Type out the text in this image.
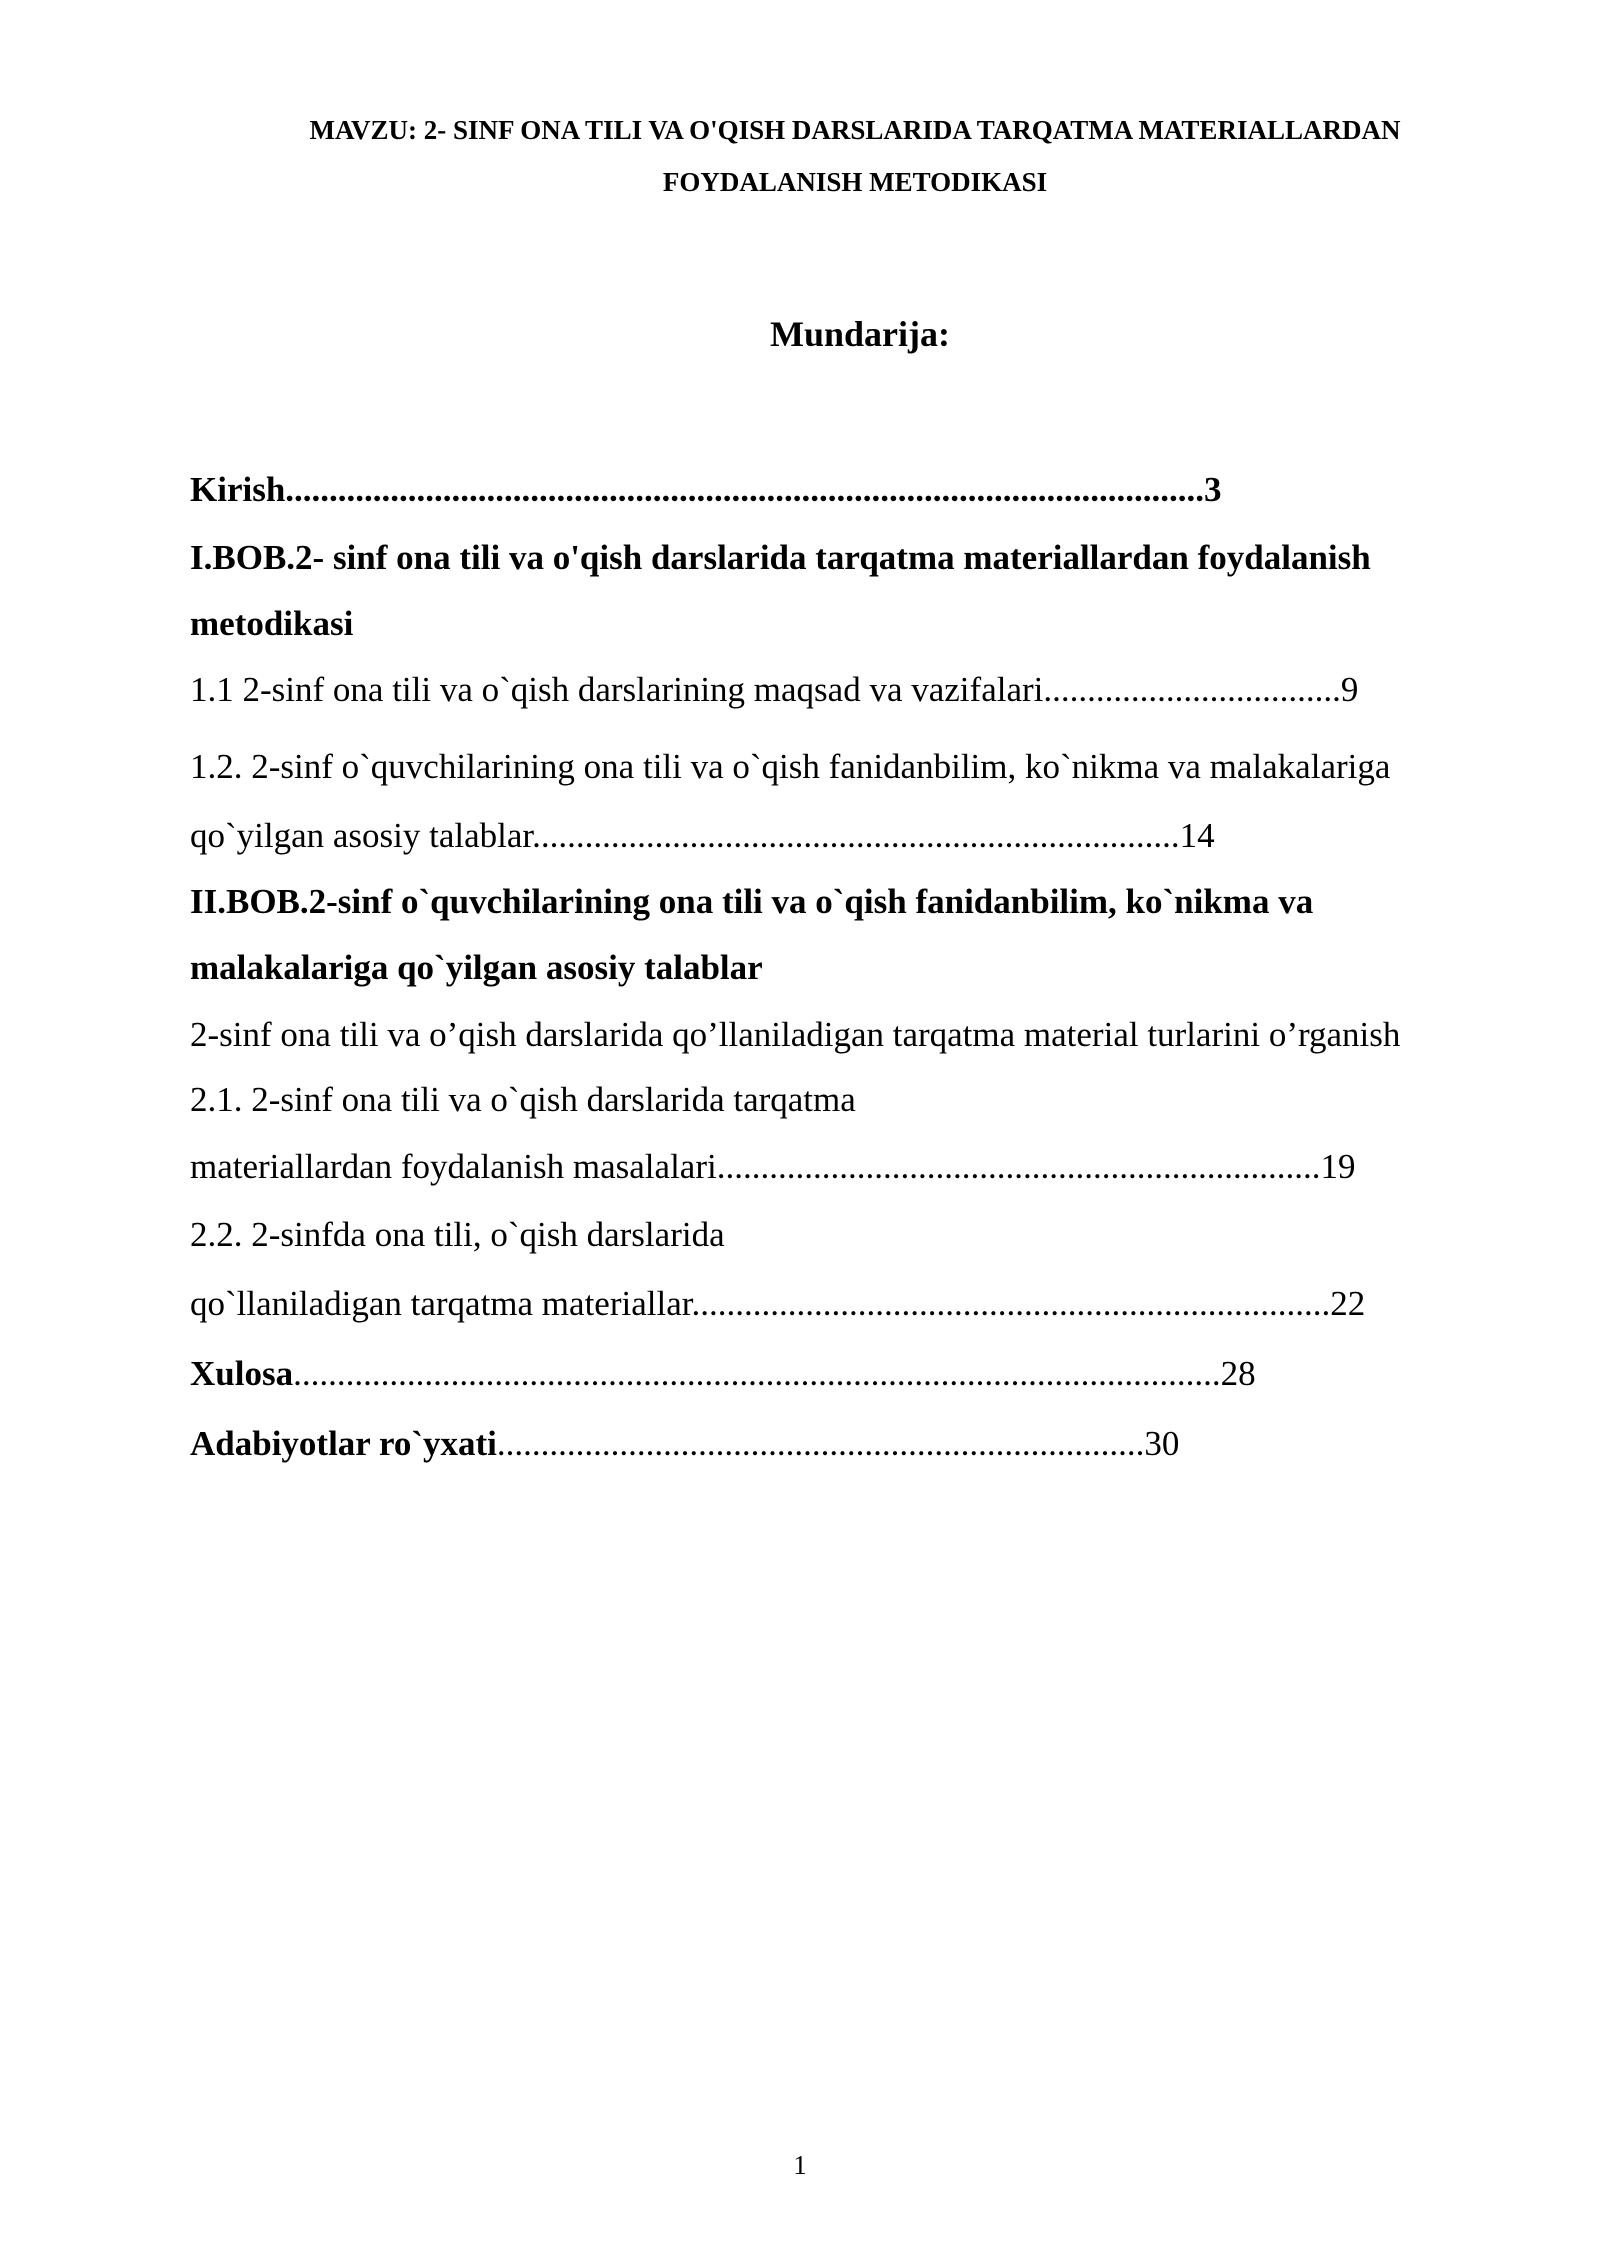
MAVZU: 2- SINF ONA TILI VA O'QISH DARSLARIDA TARQATMA MATERIALLARDAN
FOYDALANISH METODIKASI
Mundarija:
Kirish.........................................................................................................3
I.BOB.2- sinf ona tili va o'qish darslarida tarqatma materiallardan foydalanish
metodikasi
1.1 2-sinf ona tili va o`qish darslarining maqsad va vazifalari..................................9
1.2. 2-sinf o`quvchilarining ona tili va o`qish fanidanbilim, ko`nikma va malakalariga
qo`yilgan asosiy talablar..........................................................................14
II.BOB.2-sinf o`quvchilarining ona tili va o`qish fanidanbilim, ko`nikma va
malakalariga qo`yilgan asosiy talablar
2-sinf ona tili va o’qish darslarida qo’llaniladigan tarqatma material turlarini o’rganish
2.1. 2-sinf ona tili va o`qish darslarida tarqatma
materiallardan foydalanish masalalari.....................................................................19
2.2. 2-sinfda ona tili, o`qish darslarida
qo`llaniladigan tarqatma materiallar.........................................................................22
Xulosa..........................................................................................................28
Adabiyotlar ro`yxati..........................................................................30
1
